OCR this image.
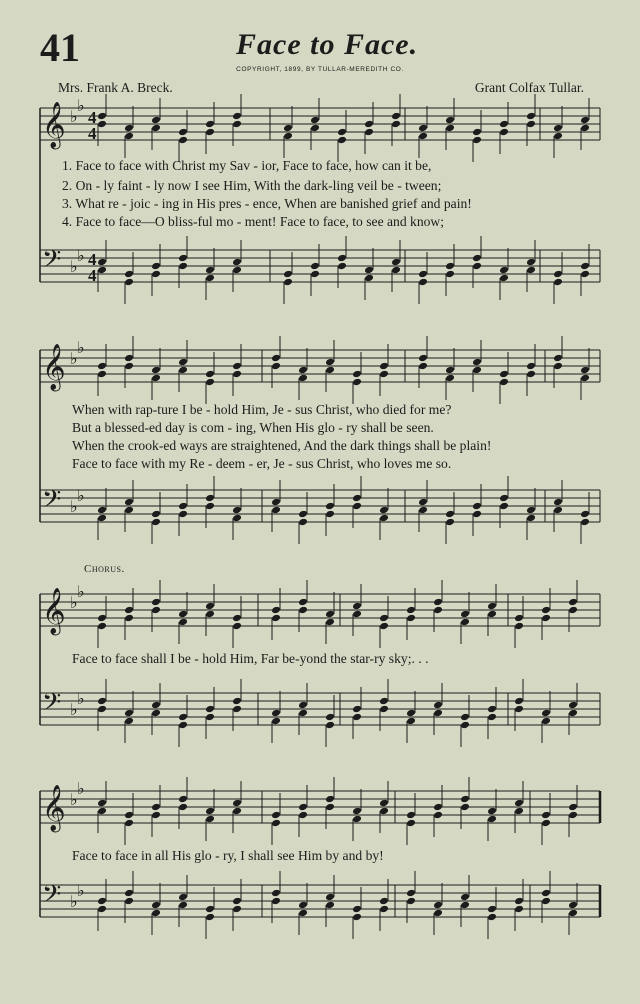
41	Face to Face.
COPYRIGHT, 1899, BY TULLAR-MEREDITH CO.
Mrs. Frank A. Breck.	Grant Colfax Tullar.
1. Face to face with Christ my Sav - ior, Face to face, how can it be,
2. On - ly faint - ly now I see Him, With the dark-ling veil be - tween;
3. What re - joic - ing in His pres - ence, When are banished grief and pain!
4. Face to face—O bliss-ful mo - ment! Face to face, to see and know;
When with rap-ture I be - hold Him, Je - sus Christ, who died for me?
But a blessed-ed day is com - ing, When His glo - ry shall be seen.
When the crook-ed ways are straightened, And the dark things shall be plain!
Face to face with my Re - deem - er, Je - sus Christ, who loves me so.
Chorus.
Face to face shall I be - hold Him, Far be-yond the star-ry sky;. . .
Face to face in all His glo - ry, I shall see Him by and by!
𝄞 ♭
♭
4
4
𝄢 ♭
♭ 4
4
𝄞 ♭
♭
𝄢 ♭
♭
𝄞 ♭
♭
𝄢 ♭
♭
𝄞 ♭
♭
𝄢 ♭
♭
